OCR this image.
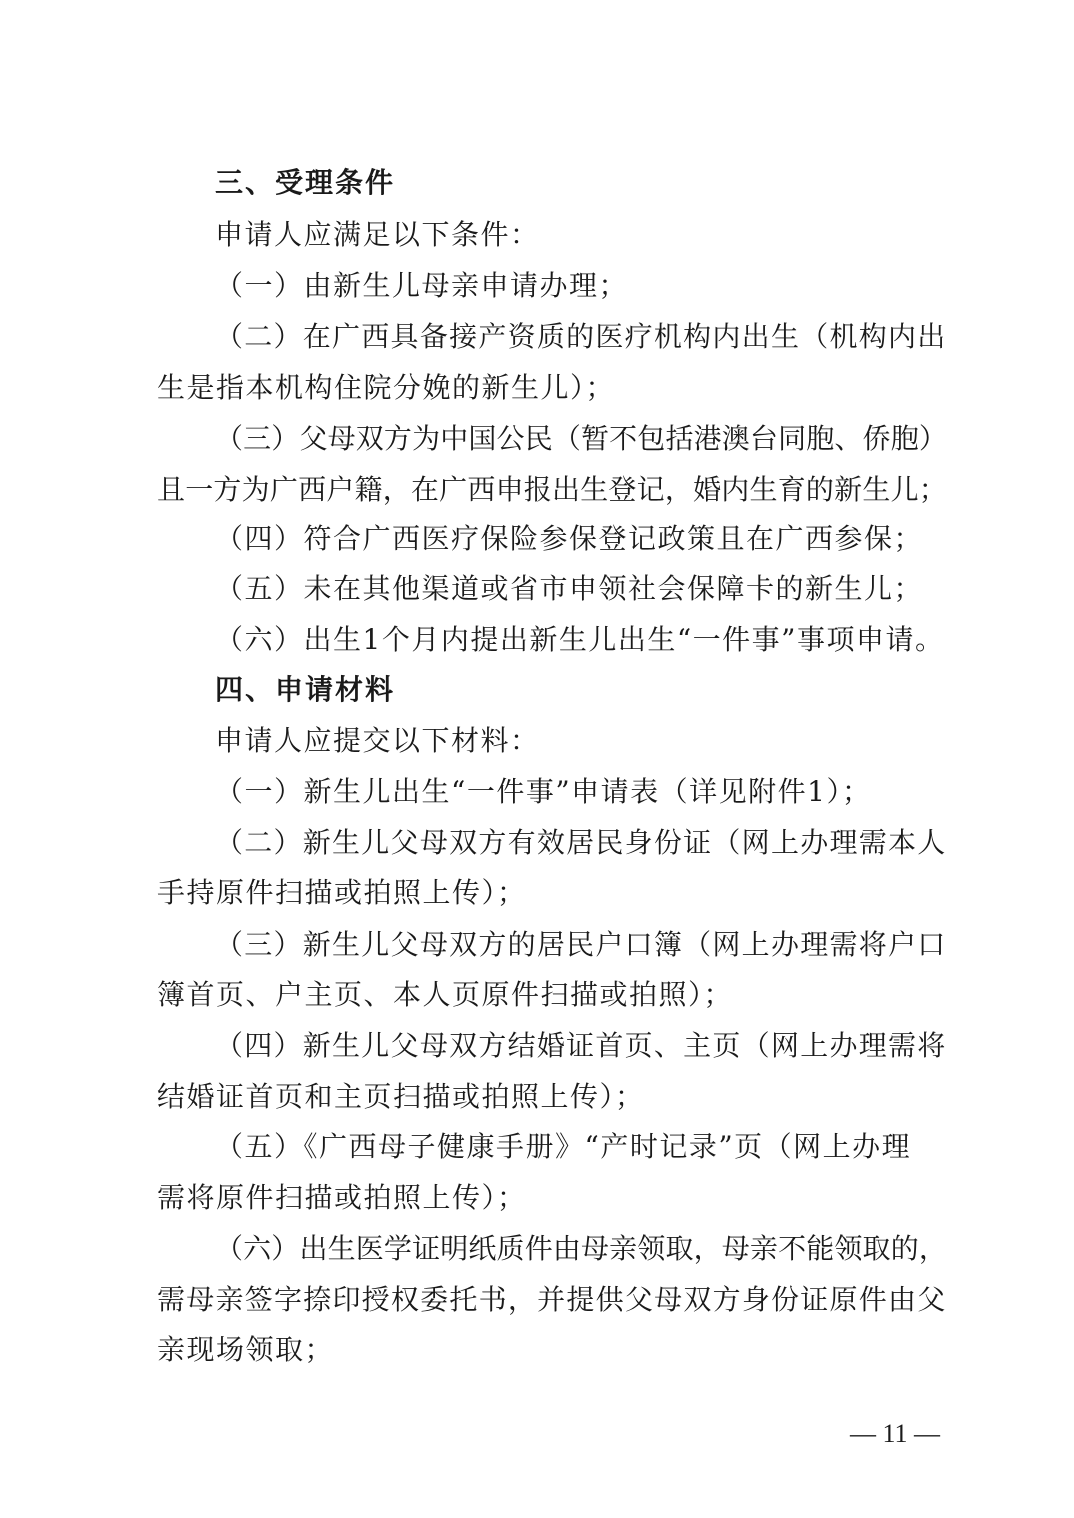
三、受理条件
申请人应满足以下条件：
（一）由新生儿母亲申请办理；
（二）在广西具备接产资质的医疗机构内出生（机构内出
生是指本机构住院分娩的新生儿）；
（三）父母双方为中国公民（暂不包括港澳台同胞、侨胞）
且一方为广西户籍，在广西申报出生登记，婚内生育的新生儿；
（四）符合广西医疗保险参保登记政策且在广西参保；
（五）未在其他渠道或省市申领社会保障卡的新生儿；
（六）出生1个月内提出新生儿出生“一件事”事项申请。
四、申请材料
申请人应提交以下材料：
（一）新生儿出生“一件事”申请表（详见附件1）；
（二）新生儿父母双方有效居民身份证（网上办理需本人
手持原件扫描或拍照上传）；
（三）新生儿父母双方的居民户口簿（网上办理需将户口
簿首页、户主页、本人页原件扫描或拍照）；
（四）新生儿父母双方结婚证首页、主页（网上办理需将
结婚证首页和主页扫描或拍照上传）；
（五）《广西母子健康手册》“产时记录”页（网上办理
需将原件扫描或拍照上传）；
（六）出生医学证明纸质件由母亲领取，母亲不能领取的，
需母亲签字捺印授权委托书，并提供父母双方身份证原件由父
亲现场领取；
— 11 —
